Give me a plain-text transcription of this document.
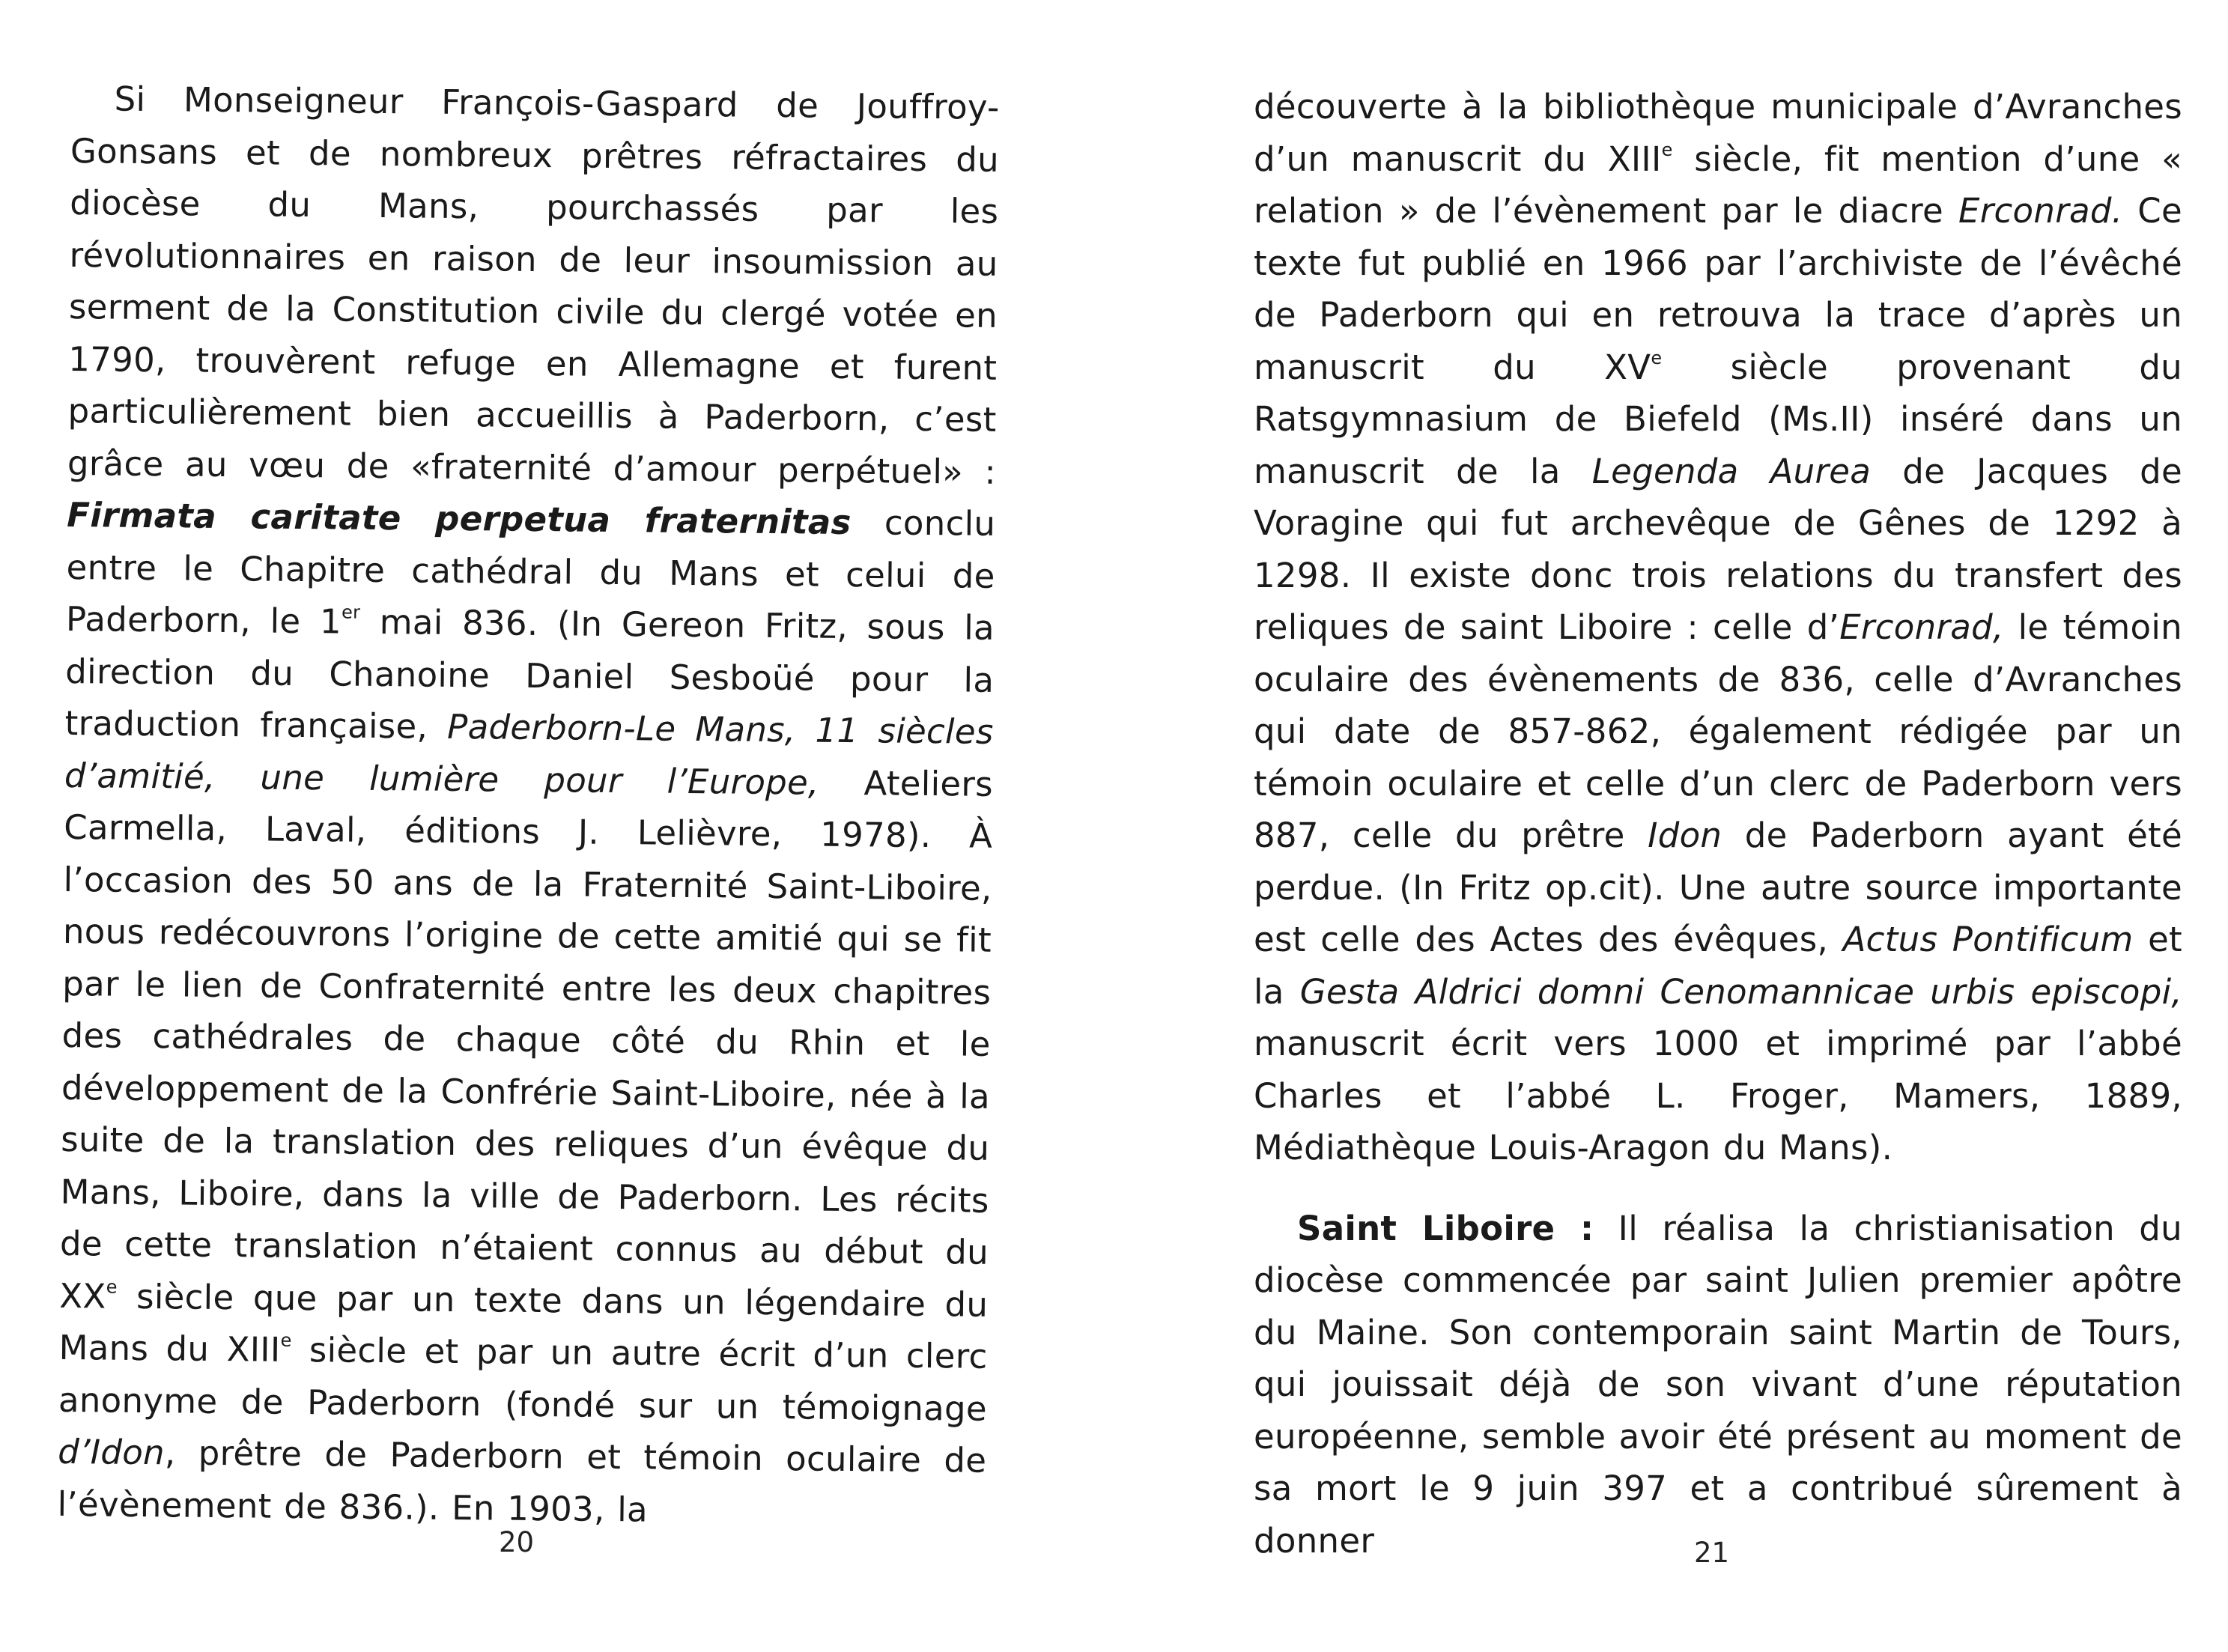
Si Monseigneur François-Gaspard de Jouffroy-Gonsans et de nombreux prêtres réfractaires du diocèse du Mans, pourchassés par les révolutionnaires en raison de leur insoumission au serment de la Constitution civile du clergé votée en 1790, trouvèrent refuge en Allemagne et furent particulièrement bien accueillis à Paderborn, c’est grâce au vœu de «fraternité d’amour perpétuel» : Firmata caritate perpetua fraternitas conclu entre le Chapitre cathédral du Mans et celui de Paderborn, le 1er mai 836. (In Gereon Fritz, sous la direction du Chanoine Daniel Sesboüé pour la traduction française, Paderborn-Le Mans, 11 siècles d’amitié, une lumière pour l’Europe, Ateliers Carmella, Laval, éditions J. Lelièvre, 1978). À l’occasion des 50 ans de la Fraternité Saint-Liboire, nous redécouvrons l’origine de cette amitié qui se fit par le lien de Confraternité entre les deux chapitres des cathédrales de chaque côté du Rhin et le développement de la Confrérie Saint-Liboire, née à la suite de la translation des reliques d’un évêque du Mans, Liboire, dans la ville de Paderborn. Les récits de cette translation n’étaient connus au début du XXe siècle que par un texte dans un légendaire du Mans du XIIIe siècle et par un autre écrit d’un clerc anonyme de Paderborn (fondé sur un témoignage d’Idon, prêtre de Paderborn et témoin oculaire de l’évènement de 836.). En 1903, la

20

découverte à la bibliothèque municipale d’Avranches d’un manuscrit du XIIIe siècle, fit mention d’une « relation » de l’évènement par le diacre Erconrad. Ce texte fut publié en 1966 par l’archiviste de l’évêché de Paderborn qui en retrouva la trace d’après un manuscrit du XVe siècle provenant du Ratsgymnasium de Biefeld (Ms.II) inséré dans un manuscrit de la Legenda Aurea de Jacques de Voragine qui fut archevêque de Gênes de 1292 à 1298. Il existe donc trois relations du transfert des reliques de saint Liboire : celle d’Erconrad, le témoin oculaire des évènements de 836, celle d’Avranches qui date de 857-862, également rédigée par un témoin oculaire et celle d’un clerc de Paderborn vers 887, celle du prêtre Idon de Paderborn ayant été perdue. (In Fritz op.cit). Une autre source importante est celle des Actes des évêques, Actus Pontificum et la Gesta Aldrici domni Cenomannicae urbis episcopi, manuscrit écrit vers 1000 et imprimé par l’abbé Charles et l’abbé L. Froger, Mamers, 1889, Médiathèque Louis-Aragon du Mans).

Saint Liboire : Il réalisa la christianisation du diocèse commencée par saint Julien premier apôtre du Maine. Son contemporain saint Martin de Tours, qui jouissait déjà de son vivant d’une réputation européenne, semble avoir été présent au moment de sa mort le 9 juin 397 et a contribué sûrement à donner	21
